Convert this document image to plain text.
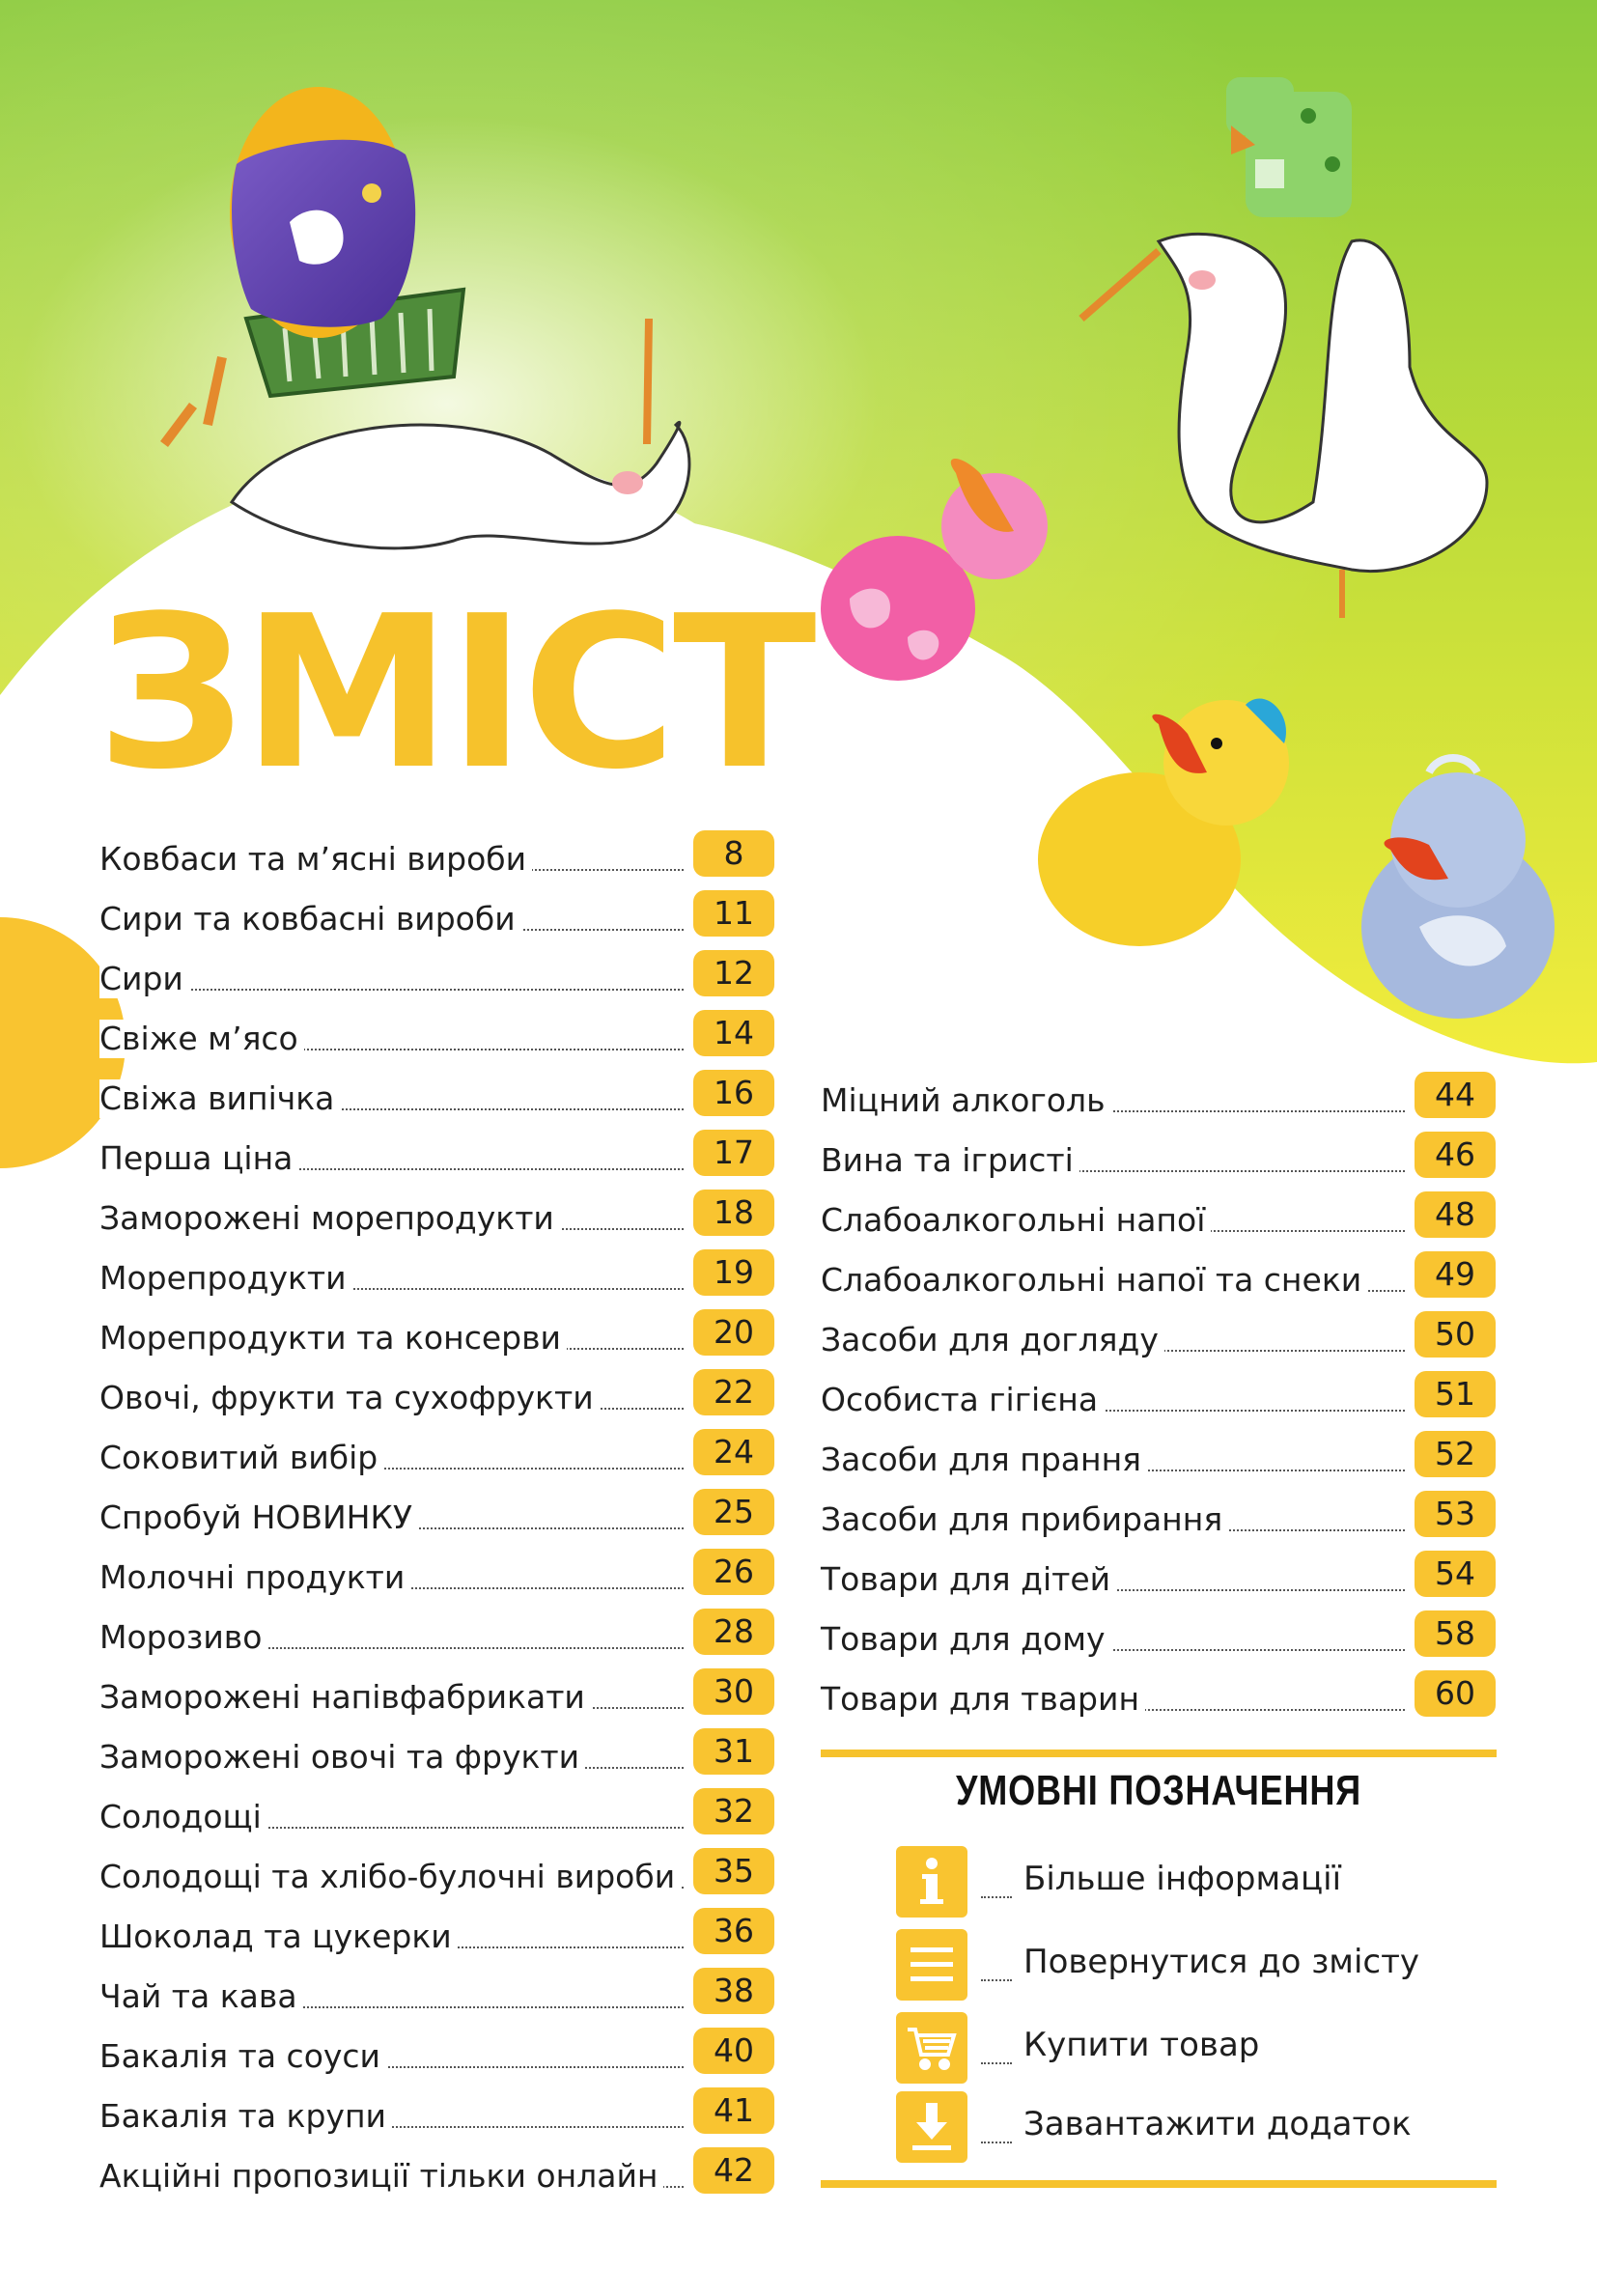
ЗМІСТ
Ковбаси та м’ясні вироби	8
Сири та ковбасні вироби	11
Сири	12
Свіже м’ясо	14
Свіжа випічка	16
Перша ціна	17
Заморожені морепродукти	18
Морепродукти	19
Морепродукти та консерви	20
Овочі, фрукти та сухофрукти	22
Соковитий вибір	24
Спробуй НОВИНКУ	25
Молочні продукти	26
Морозиво	28
Заморожені напівфабрикати	30
Заморожені овочі та фрукти	31
Солодощі	32
Солодощі та хлібо-булочні вироби	35
Шоколад та цукерки	36
Чай та кава	38
Бакалія та соуси	40
Бакалія та крупи	41
Акційні пропозиції тільки онлайн	42
Міцний алкоголь	44
Вина та ігристі	46
Слабоалкогольні напої	48
Слабоалкогольні напої та снеки	49
Засоби для догляду	50
Особиста гігієна	51
Засоби для прання	52
Засоби для прибирання	53
Товари для дітей	54
Товари для дому	58
Товари для тварин	60
УМОВНІ ПОЗНАЧЕННЯ
Більше інформації
Повернутися до змісту
Купити товар
Завантажити додаток
